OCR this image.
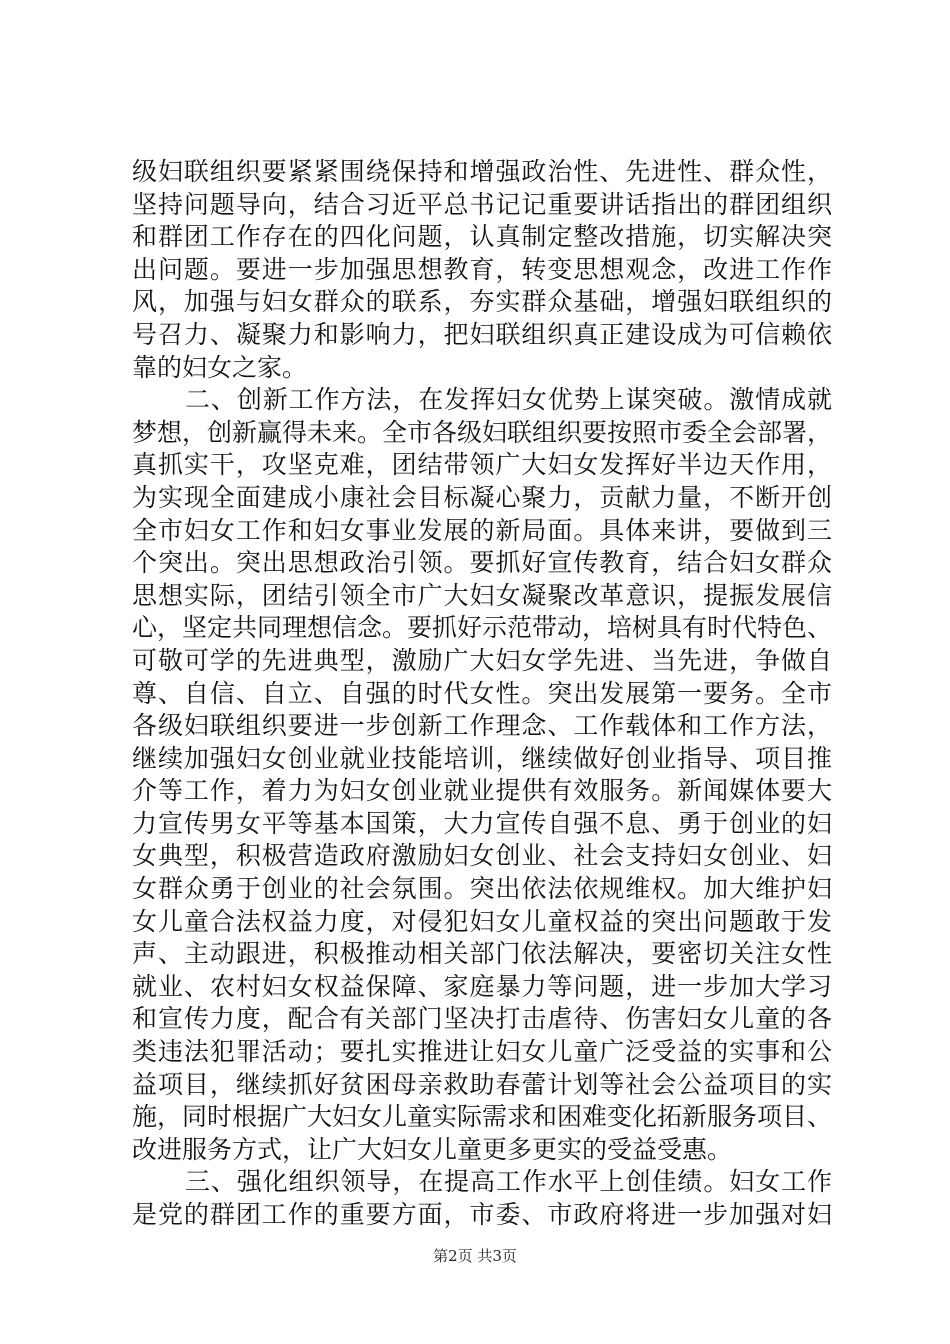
级妇联组织要紧紧围绕保持和增强政治性、先进性、群众性，
坚持问题导向，结合习近平总书记记重要讲话指出的群团组织
和群团工作存在的四化问题，认真制定整改措施，切实解决突
出问题。要进一步加强思想教育，转变思想观念，改进工作作
风，加强与妇女群众的联系，夯实群众基础，增强妇联组织的
号召力、凝聚力和影响力，把妇联组织真正建设成为可信赖依
靠的妇女之家。
二、创新工作方法，在发挥妇女优势上谋突破。激情成就
梦想，创新赢得未来。全市各级妇联组织要按照市委全会部署，
真抓实干，攻坚克难，团结带领广大妇女发挥好半边天作用，
为实现全面建成小康社会目标凝心聚力，贡献力量，不断开创
全市妇女工作和妇女事业发展的新局面。具体来讲，要做到三
个突出。突出思想政治引领。要抓好宣传教育，结合妇女群众
思想实际，团结引领全市广大妇女凝聚改革意识，提振发展信
心，坚定共同理想信念。要抓好示范带动，培树具有时代特色、
可敬可学的先进典型，激励广大妇女学先进、当先进，争做自
尊、自信、自立、自强的时代女性。突出发展第一要务。全市
各级妇联组织要进一步创新工作理念、工作载体和工作方法，
继续加强妇女创业就业技能培训，继续做好创业指导、项目推
介等工作，着力为妇女创业就业提供有效服务。新闻媒体要大
力宣传男女平等基本国策，大力宣传自强不息、勇于创业的妇
女典型，积极营造政府激励妇女创业、社会支持妇女创业、妇
女群众勇于创业的社会氛围。突出依法依规维权。加大维护妇
女儿童合法权益力度，对侵犯妇女儿童权益的突出问题敢于发
声、主动跟进，积极推动相关部门依法解决，要密切关注女性
就业、农村妇女权益保障、家庭暴力等问题，进一步加大学习
和宣传力度，配合有关部门坚决打击虐待、伤害妇女儿童的各
类违法犯罪活动；要扎实推进让妇女儿童广泛受益的实事和公
益项目，继续抓好贫困母亲救助春蕾计划等社会公益项目的实
施，同时根据广大妇女儿童实际需求和困难变化拓新服务项目、
改进服务方式，让广大妇女儿童更多更实的受益受惠。
三、强化组织领导，在提高工作水平上创佳绩。妇女工作
是党的群团工作的重要方面，市委、市政府将进一步加强对妇
第2页 共3页
